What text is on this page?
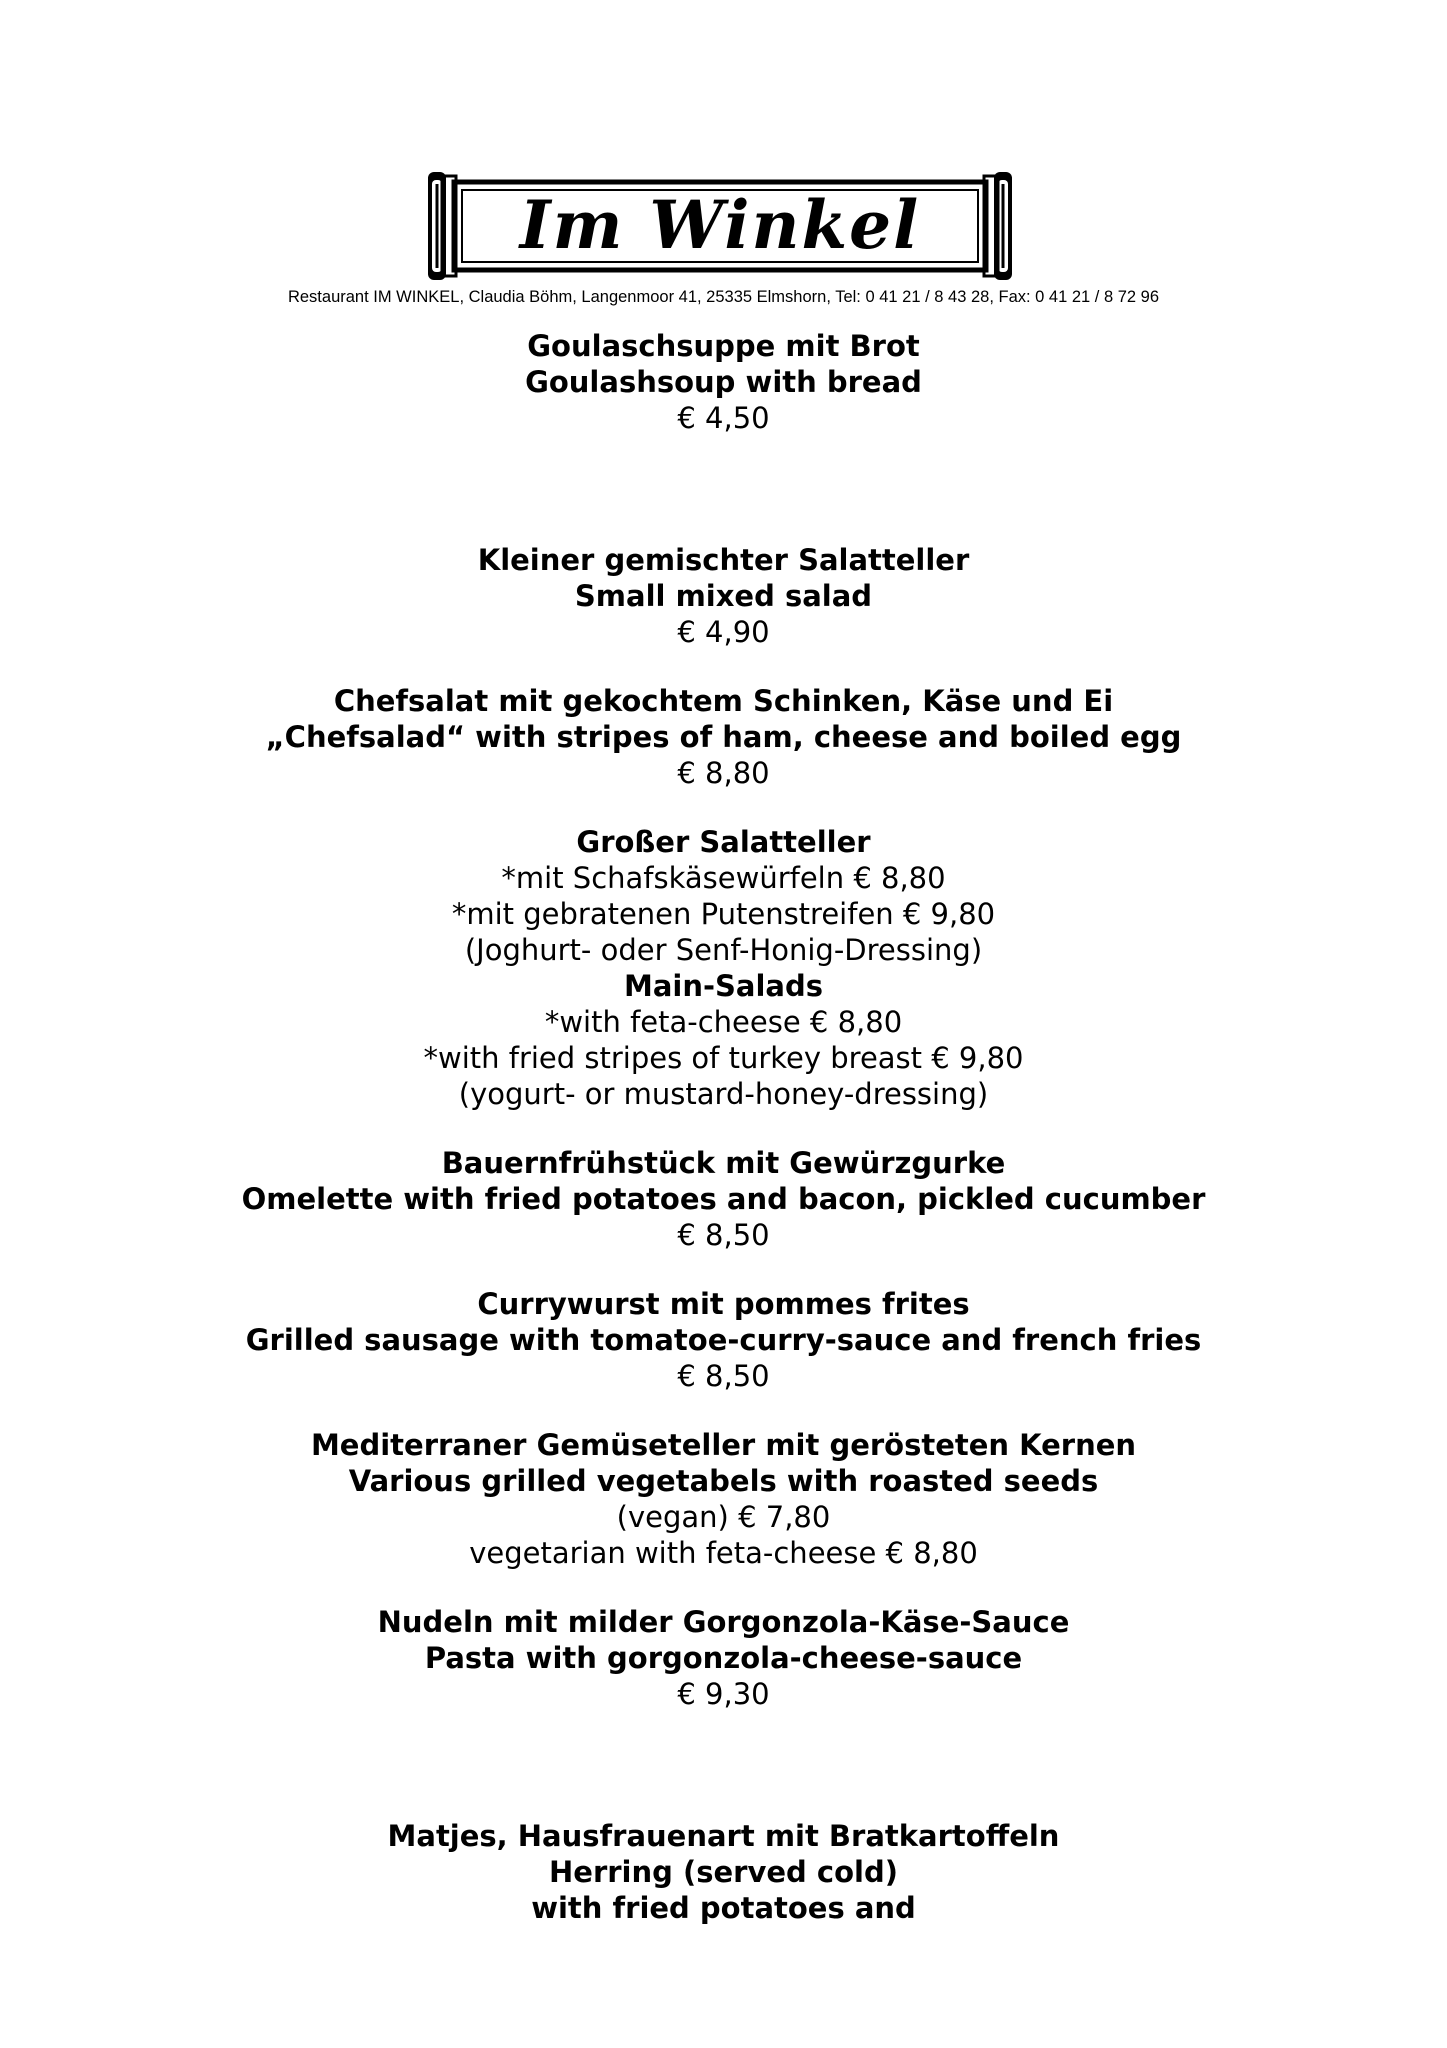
Im Winkel
Restaurant IM WINKEL, Claudia Böhm, Langenmoor 41, 25335 Elmshorn, Tel: 0 41 21 / 8 43 28, Fax: 0 41 21 / 8 72 96

Goulaschsuppe mit Brot

Goulashsoup with bread

€ 4,50

Kleiner gemischter Salatteller

Small mixed salad

€ 4,90

Chefsalat mit gekochtem Schinken, Käse und Ei

„Chefsalad“ with stripes of ham, cheese and boiled egg

€ 8,80

Großer Salatteller

*mit Schafskäsewürfeln € 8,80

*mit gebratenen Putenstreifen € 9,80

(Joghurt- oder Senf-Honig-Dressing)

Main-Salads

*with feta-cheese € 8,80

*with fried stripes of turkey breast € 9,80

(yogurt- or mustard-honey-dressing)

Bauernfrühstück mit Gewürzgurke

Omelette with fried potatoes and bacon, pickled cucumber

€ 8,50

Currywurst mit pommes frites

Grilled sausage with tomatoe-curry-sauce and french fries

€ 8,50

Mediterraner Gemüseteller mit gerösteten Kernen

Various grilled vegetabels with roasted seeds

(vegan) € 7,80

vegetarian with feta-cheese € 8,80

Nudeln mit milder Gorgonzola-Käse-Sauce

Pasta with gorgonzola-cheese-sauce

€ 9,30

Matjes, Hausfrauenart mit Bratkartoffeln

Herring (served cold)

with fried potatoes and
